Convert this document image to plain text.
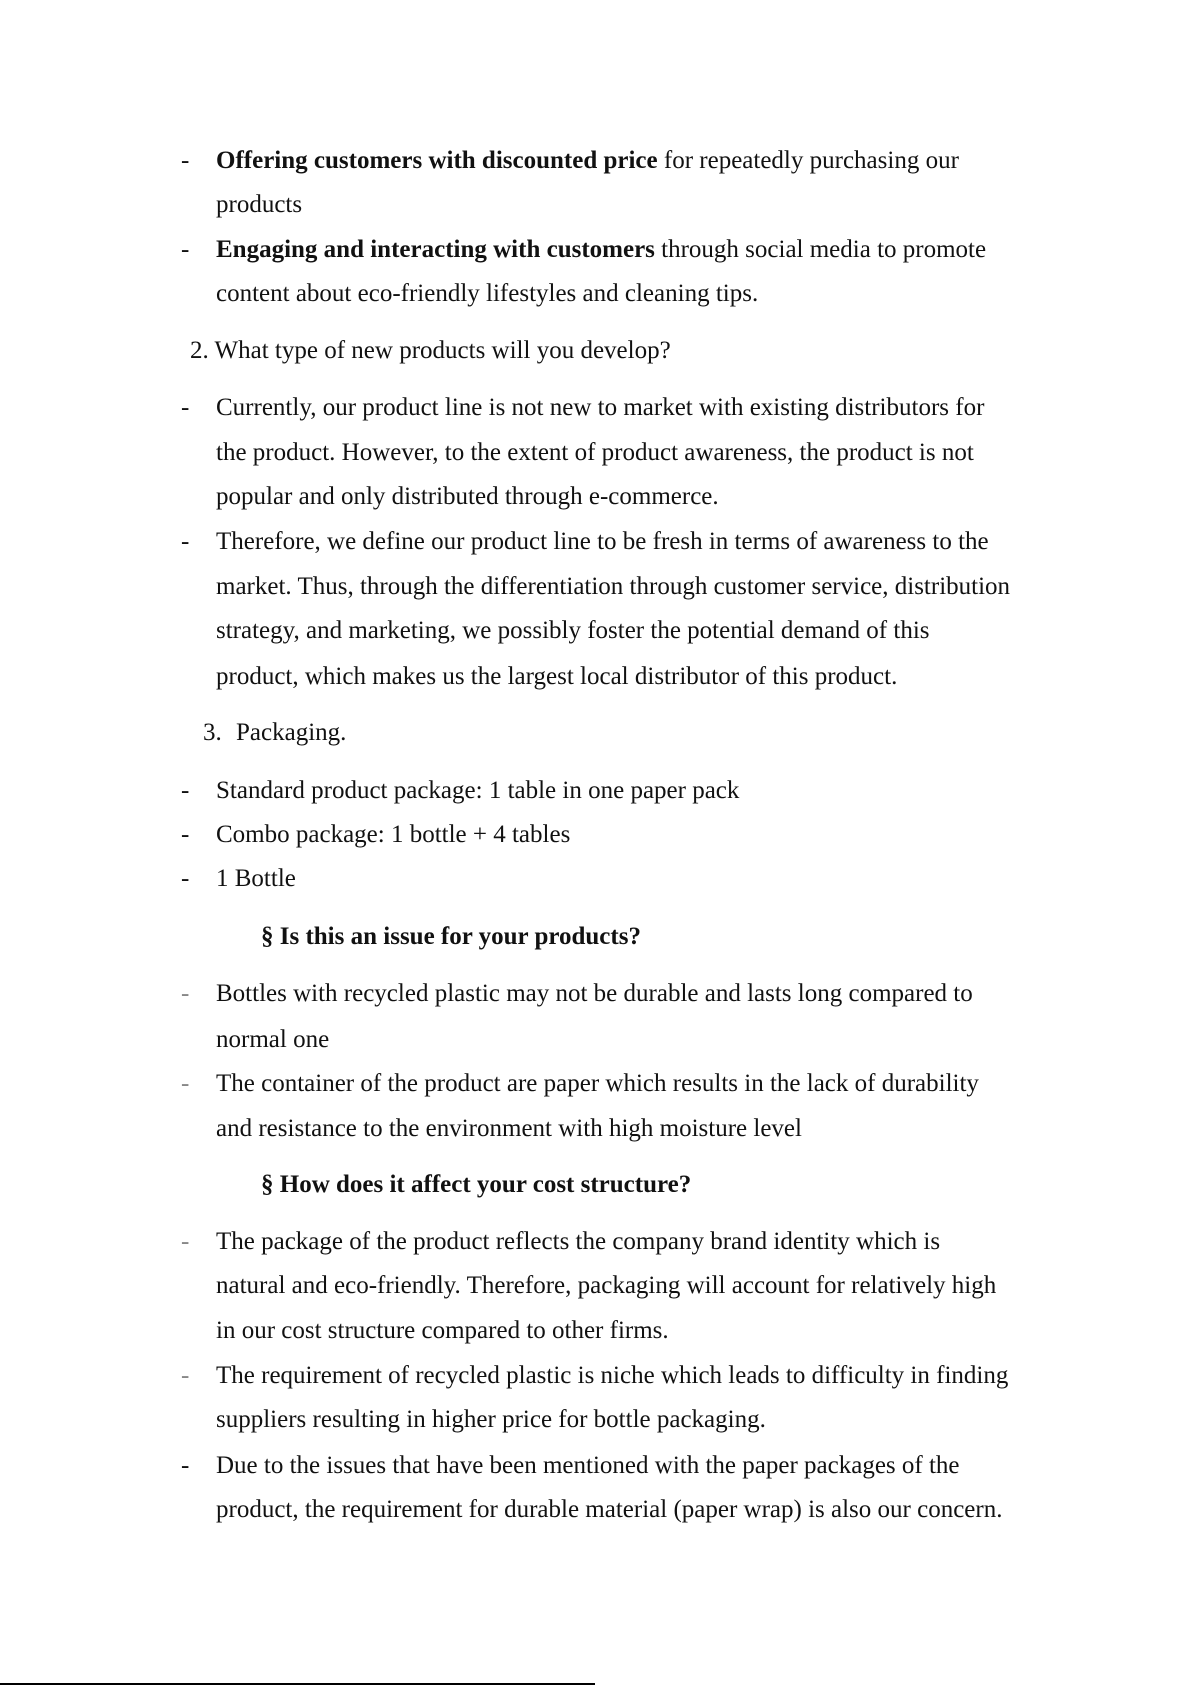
- Offering customers with discounted price for repeatedly purchasing our
products
- Engaging and interacting with customers through social media to promote
content about eco-friendly lifestyles and cleaning tips.
2. What type of new products will you develop?
- Currently, our product line is not new to market with existing distributors for
the product. However, to the extent of product awareness, the product is not
popular and only distributed through e-commerce.
- Therefore, we define our product line to be fresh in terms of awareness to the
market. Thus, through the differentiation through customer service, distribution
strategy, and marketing, we possibly foster the potential demand of this
product, which makes us the largest local distributor of this product.
3. Packaging.
- Standard product package: 1 table in one paper pack
- Combo package: 1 bottle + 4 tables
- 1 Bottle
§ Is this an issue for your products?
- Bottles with recycled plastic may not be durable and lasts long compared to
normal one
- The container of the product are paper which results in the lack of durability
and resistance to the environment with high moisture level
§ How does it affect your cost structure?
- The package of the product reflects the company brand identity which is
natural and eco-friendly. Therefore, packaging will account for relatively high
in our cost structure compared to other firms.
- The requirement of recycled plastic is niche which leads to difficulty in finding
suppliers resulting in higher price for bottle packaging.
- Due to the issues that have been mentioned with the paper packages of the
product, the requirement for durable material (paper wrap) is also our concern.
